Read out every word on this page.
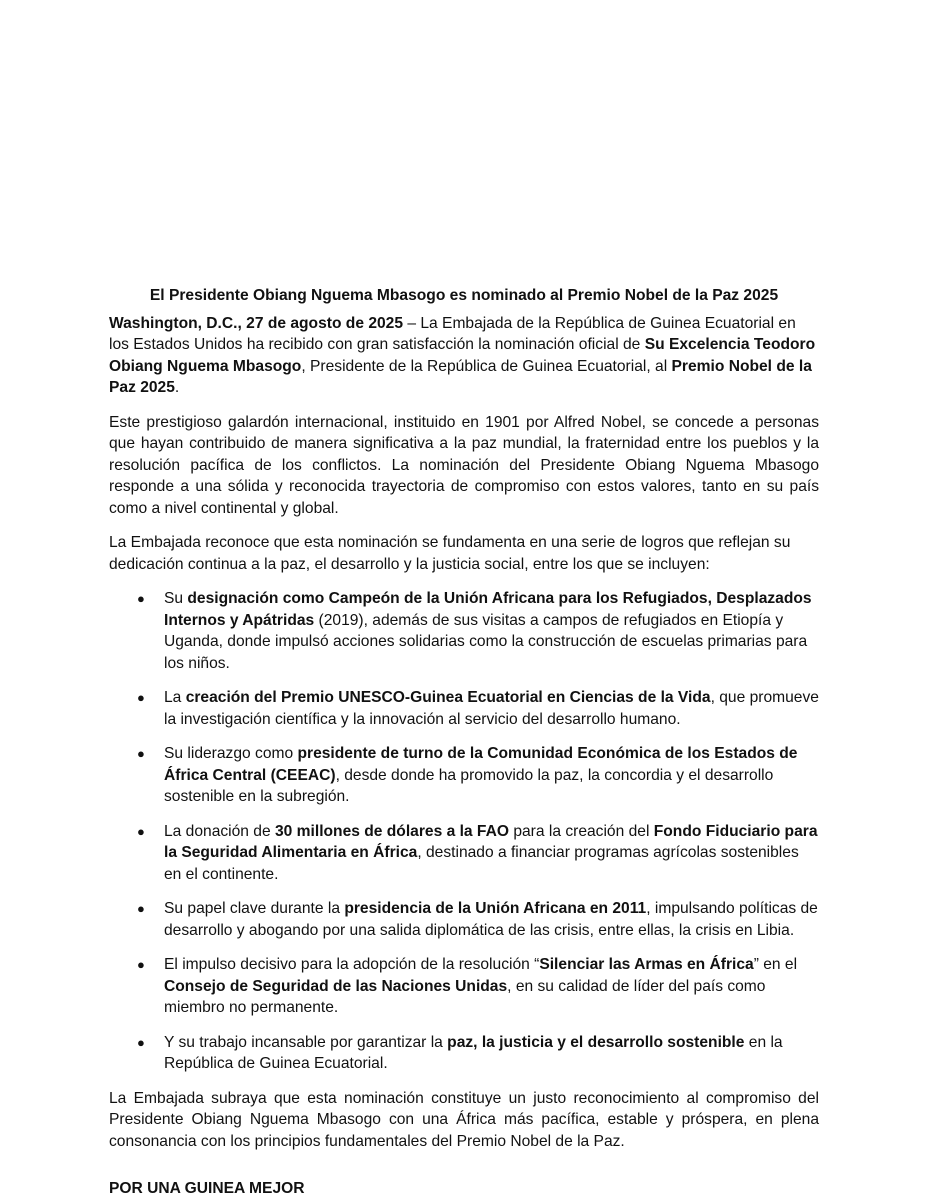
El Presidente Obiang Nguema Mbasogo es nominado al Premio Nobel de la Paz 2025

Washington, D.C., 27 de agosto de 2025 – La Embajada de la República de Guinea Ecuatorial en los Estados Unidos ha recibido con gran satisfacción la nominación oficial de Su Excelencia Teodoro Obiang Nguema Mbasogo, Presidente de la República de Guinea Ecuatorial, al Premio Nobel de la Paz 2025.

Este prestigioso galardón internacional, instituido en 1901 por Alfred Nobel, se concede a personas que hayan contribuido de manera significativa a la paz mundial, la fraternidad entre los pueblos y la resolución pacífica de los conflictos. La nominación del Presidente Obiang Nguema Mbasogo responde a una sólida y reconocida trayectoria de compromiso con estos valores, tanto en su país como a nivel continental y global.

La Embajada reconoce que esta nominación se fundamenta en una serie de logros que reflejan su dedicación continua a la paz, el desarrollo y la justicia social, entre los que se incluyen:

● Su designación como Campeón de la Unión Africana para los Refugiados, Desplazados Internos y Apátridas (2019), además de sus visitas a campos de refugiados en Etiopía y Uganda, donde impulsó acciones solidarias como la construcción de escuelas primarias para los niños.
● La creación del Premio UNESCO-Guinea Ecuatorial en Ciencias de la Vida, que promueve la investigación científica y la innovación al servicio del desarrollo humano.
● Su liderazgo como presidente de turno de la Comunidad Económica de los Estados de África Central (CEEAC), desde donde ha promovido la paz, la concordia y el desarrollo sostenible en la subregión.
● La donación de 30 millones de dólares a la FAO para la creación del Fondo Fiduciario para la Seguridad Alimentaria en África, destinado a financiar programas agrícolas sostenibles en el continente.
● Su papel clave durante la presidencia de la Unión Africana en 2011, impulsando políticas de desarrollo y abogando por una salida diplomática de las crisis, entre ellas, la crisis en Libia.
● El impulso decisivo para la adopción de la resolución “Silenciar las Armas en África” en el Consejo de Seguridad de las Naciones Unidas, en su calidad de líder del país como miembro no permanente.
● Y su trabajo incansable por garantizar la paz, la justicia y el desarrollo sostenible en la República de Guinea Ecuatorial.

La Embajada subraya que esta nominación constituye un justo reconocimiento al compromiso del Presidente Obiang Nguema Mbasogo con una África más pacífica, estable y próspera, en plena consonancia con los principios fundamentales del Premio Nobel de la Paz.

POR UNA GUINEA MEJOR
